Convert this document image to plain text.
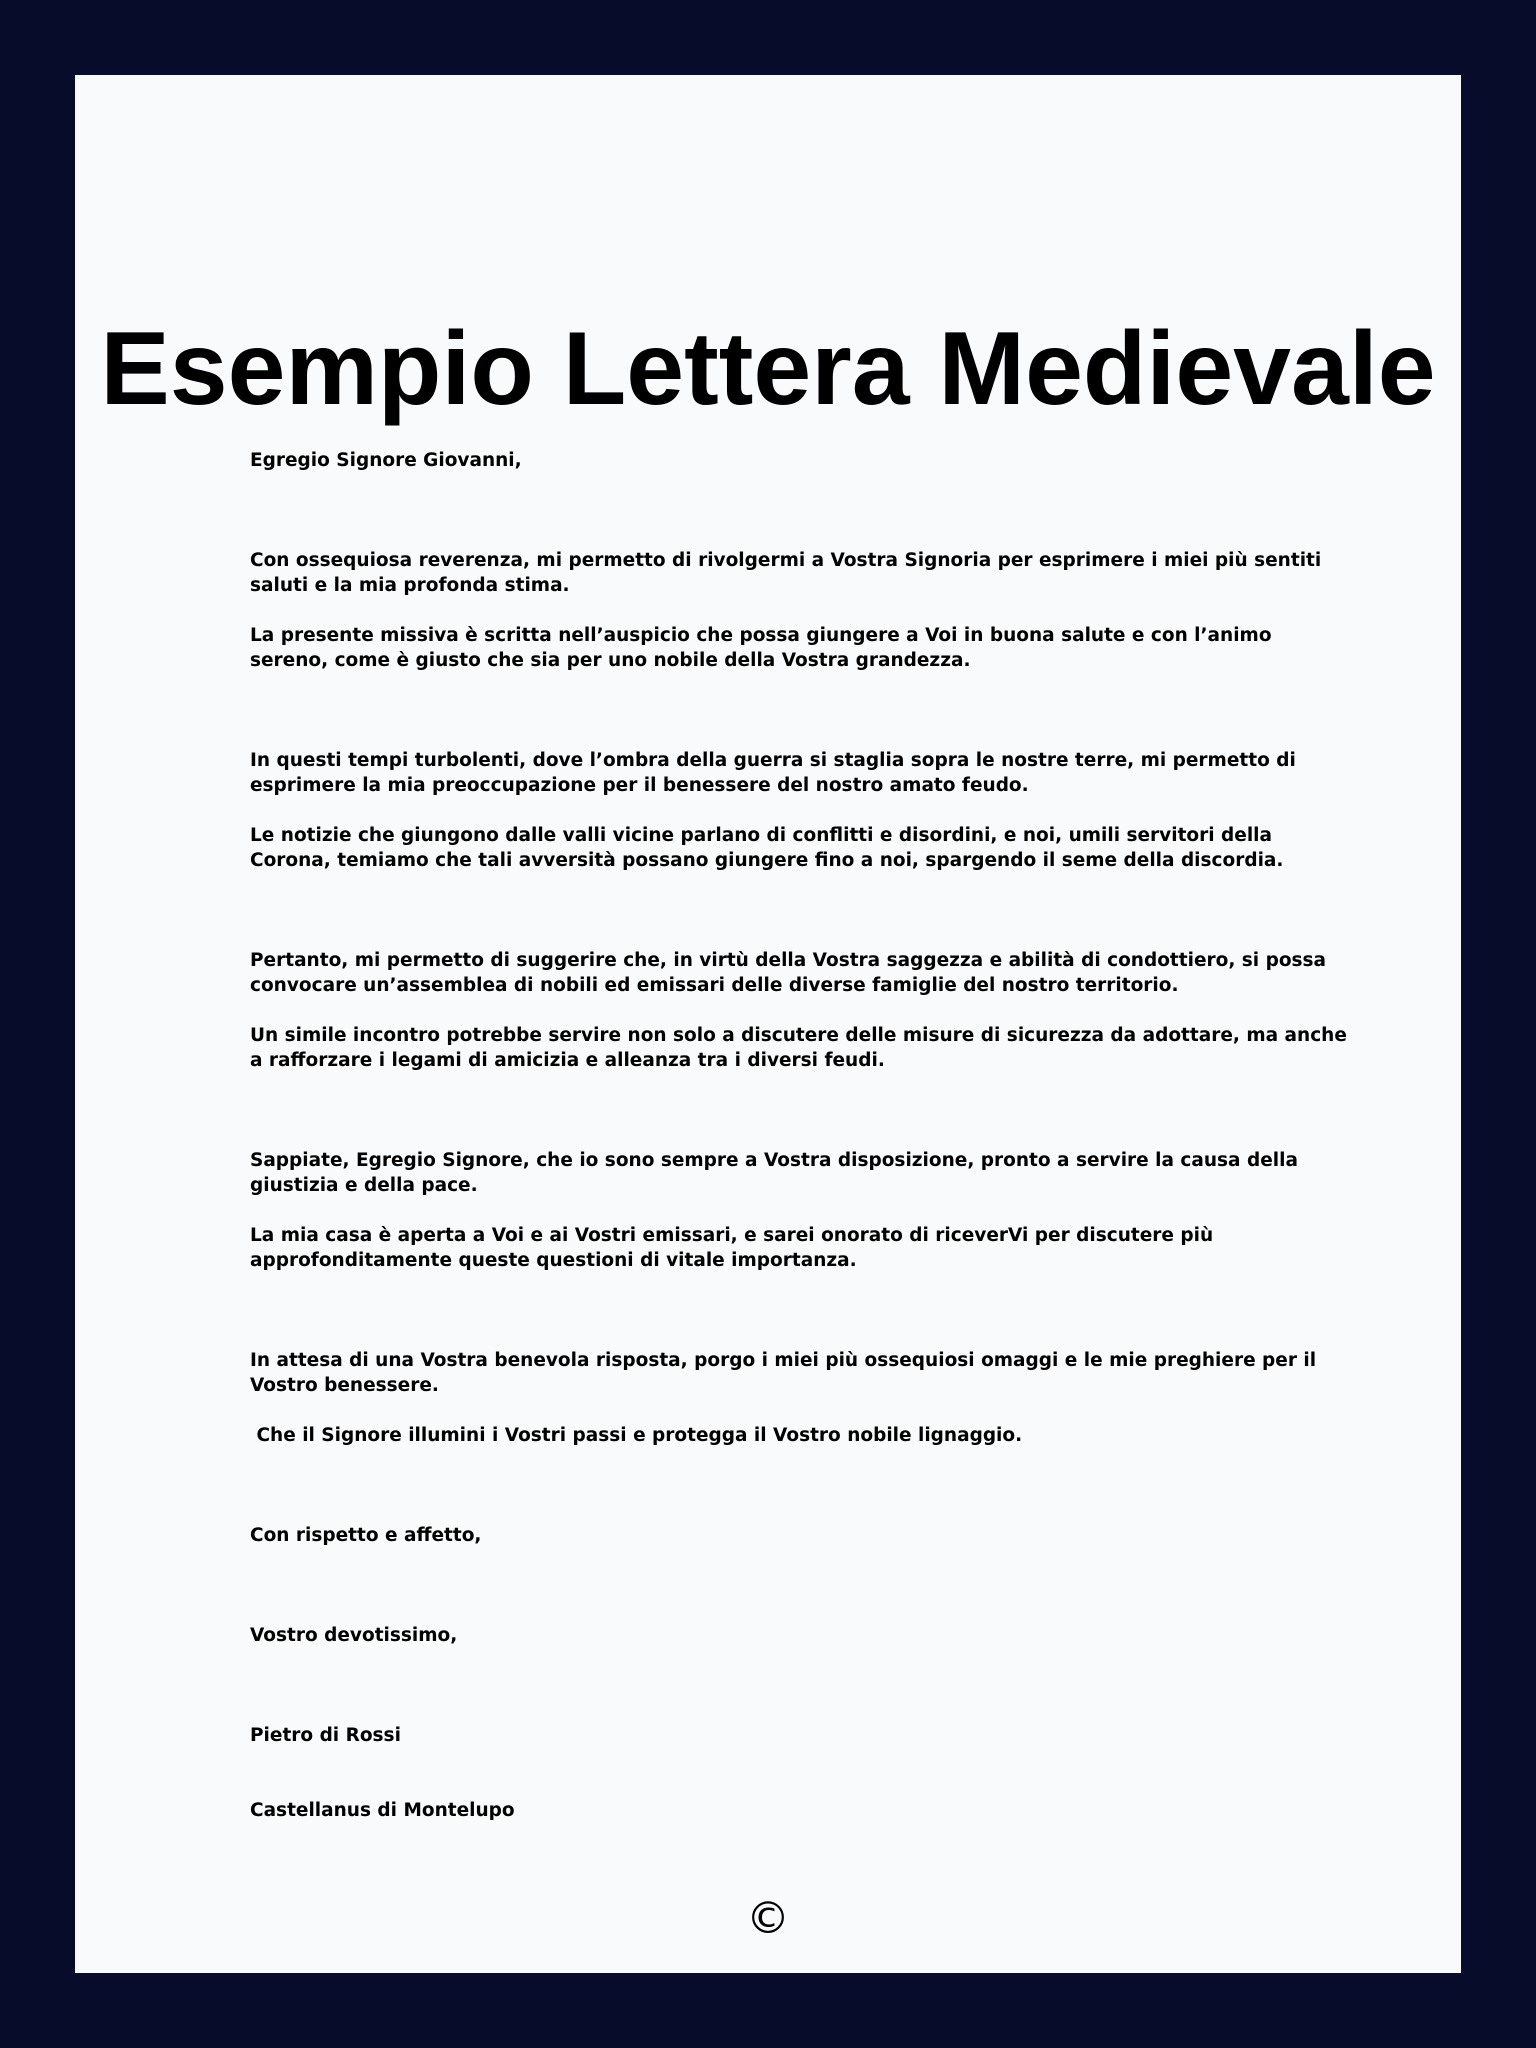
Esempio Lettera Medievale

Egregio Signore Giovanni,

Con ossequiosa reverenza, mi permetto di rivolgermi a Vostra Signoria per esprimere i miei più sentiti saluti e la mia profonda stima.

La presente missiva è scritta nell’auspicio che possa giungere a Voi in buona salute e con l’animo sereno, come è giusto che sia per uno nobile della Vostra grandezza.

In questi tempi turbolenti, dove l’ombra della guerra si staglia sopra le nostre terre, mi permetto di esprimere la mia preoccupazione per il benessere del nostro amato feudo.

Le notizie che giungono dalle valli vicine parlano di conflitti e disordini, e noi, umili servitori della Corona, temiamo che tali avversità possano giungere fino a noi, spargendo il seme della discordia.

Pertanto, mi permetto di suggerire che, in virtù della Vostra saggezza e abilità di condottiero, si possa convocare un’assemblea di nobili ed emissari delle diverse famiglie del nostro territorio.

Un simile incontro potrebbe servire non solo a discutere delle misure di sicurezza da adottare, ma anche a rafforzare i legami di amicizia e alleanza tra i diversi feudi.

Sappiate, Egregio Signore, che io sono sempre a Vostra disposizione, pronto a servire la causa della giustizia e della pace.

La mia casa è aperta a Voi e ai Vostri emissari, e sarei onorato di riceverVi per discutere più approfonditamente queste questioni di vitale importanza.

In attesa di una Vostra benevola risposta, porgo i miei più ossequiosi omaggi e le mie preghiere per il Vostro benessere.

Che il Signore illumini i Vostri passi e protegga il Vostro nobile lignaggio.

Con rispetto e affetto,

Vostro devotissimo,

Pietro di Rossi

Castellanus di Montelupo

©
